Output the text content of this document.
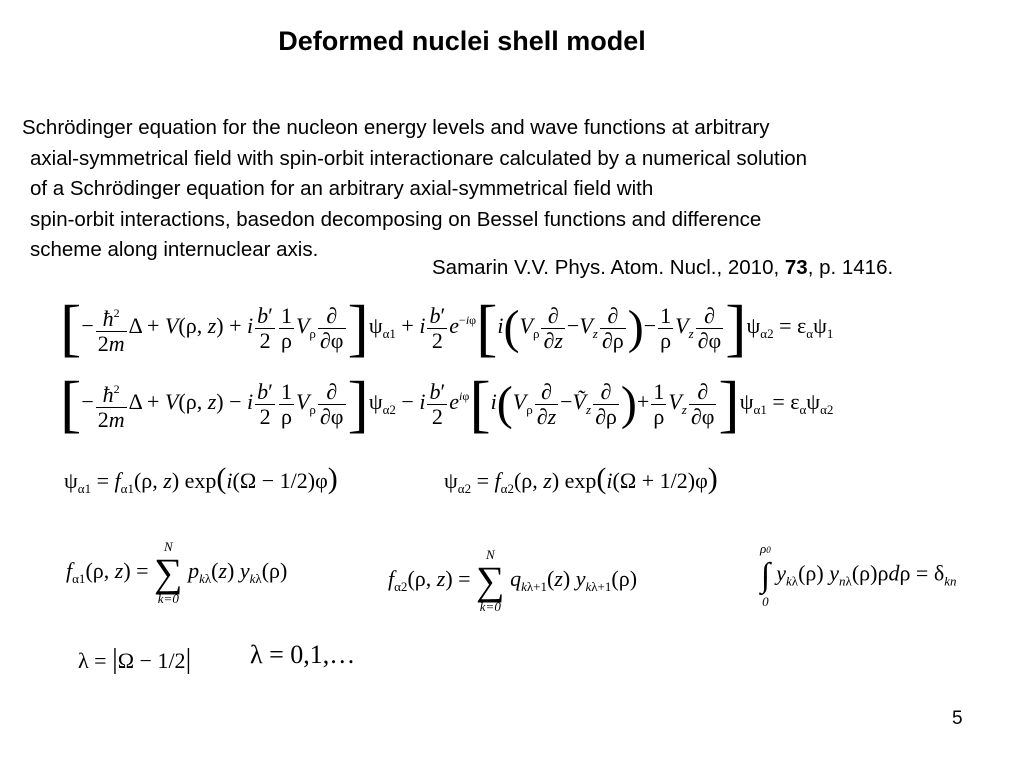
Deformed nuclei shell model
Schrödinger equation for the nucleon energy levels and wave functions at arbitrary
axial-symmetrical field with spin-orbit interactionare calculated by a numerical solution
of a Schrödinger equation for an arbitrary axial-symmetrical field with
spin-orbit interactions, basedon decomposing on Bessel functions and difference
scheme along internuclear axis.
Samarin V.V. Phys. Atom. Nucl., 2010, 73, p. 1416.
[− $\frac{ħ^2}{2m}$ Δ + V(ρ, z) + i $\frac{b'}{2} \frac{1}{\rho} V_\rho \frac{\partial}{\partial\varphi} ]\psi_{\alpha 1} + i \frac{b'}{2} e^{-i\varphi}[i(V_\rho \frac{\partial}{\partial z} -V_z \frac{\partial}{\partial\rho}$ )− $\frac{1}{\rho} V_z \frac{\partial}{\partial\varphi} ]\psi_{\alpha 2} = \varepsilon_\alpha\psi_1$
[− $\frac{ħ^2}{2m}$ Δ + V(ρ, z) − i $\frac{b'}{2} \frac{1}{\rho} V_\rho \frac{\partial}{\partial\varphi} ]\psi_{\alpha 2} - i \frac{b'}{2} e^{i\varphi}[i(V_\rho \frac{\partial}{\partial z}$ −Ṽ$_z$ $\frac{\partial}{\partial\rho}$ )+ $\frac{1}{\rho} V_z \frac{\partial}{\partial\varphi} ]\psi_{\alpha 1} = \varepsilon_\alpha\psi_{\alpha 2}$
$\psi_{\alpha 1} = f_{\alpha 1}(\rho$, z) exp(i(Ω − 1/2)φ)	$\psi_{\alpha 2} = f_{\alpha 2}(\rho$, z) exp(i(Ω + 1/2)φ)
$f_{\alpha 1}(\rho$, z) =
N
∑
k=0
$p_{k\lambda}(z)$ $y_{k\lambda}(\rho)$	$f_{\alpha 2}(\rho$, z) =
N
∑
k=0
$q_{k\lambda+1}(z)$ $y_{k\lambda+1}(\rho)$
ρ0
∫
0
$y_{k\lambda}(\rho) y_{n\lambda}(\rho)\rho d\rho = \delta_{kn}$
λ = |Ω − 1/2| λ = 0,1,…
5
